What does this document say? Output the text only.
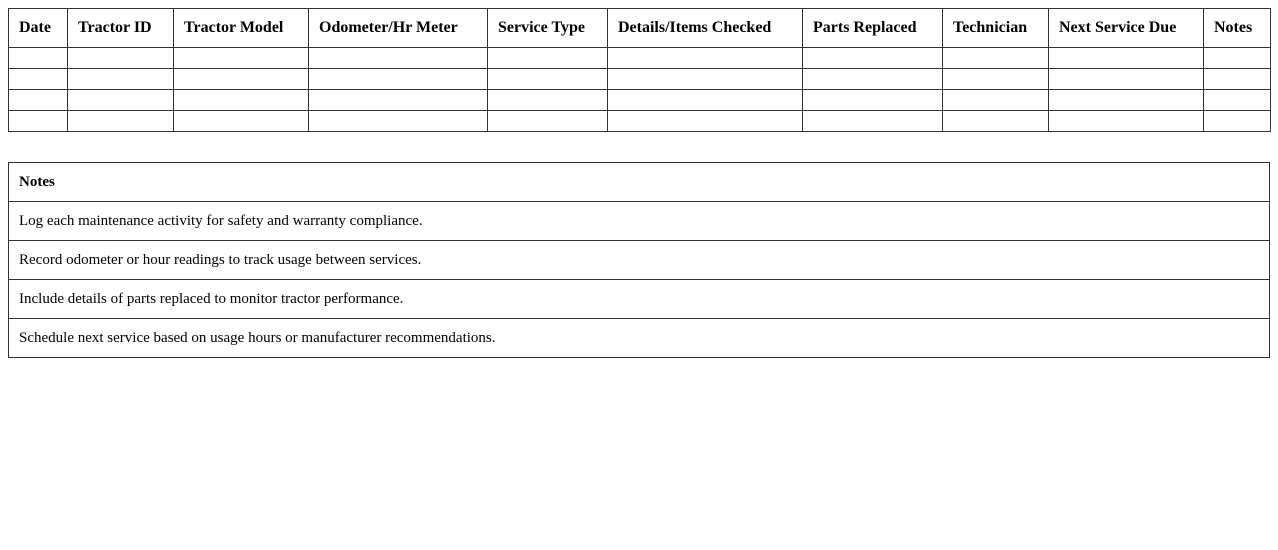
Date	Tractor ID	Tractor Model	Odometer/Hr Meter	Service Type	Details/Items Checked	Parts Replaced	Technician	Next Service Due	Notes

Notes
Log each maintenance activity for safety and warranty compliance.
Record odometer or hour readings to track usage between services.
Include details of parts replaced to monitor tractor performance.
Schedule next service based on usage hours or manufacturer recommendations.
